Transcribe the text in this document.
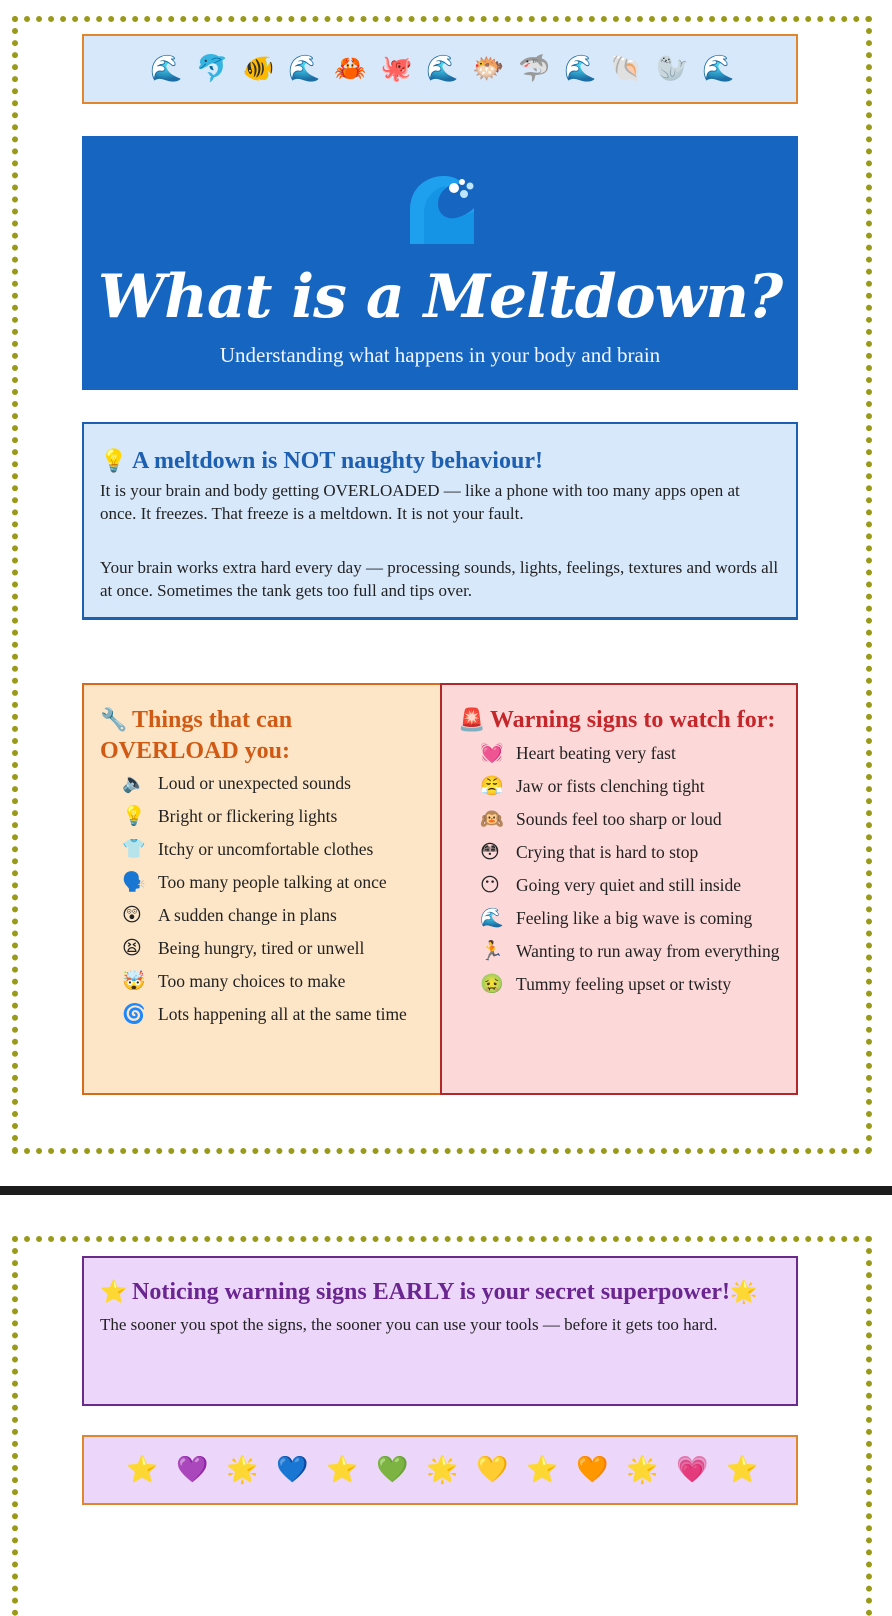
🌊 🐬 🐠 🌊 🦀 🐙 🌊 🐡 🦈 🌊 🐚 🦭 🌊
What is a Meltdown?
Understanding what happens in your body and brain
💡 A meltdown is NOT naughty behaviour!

It is your brain and body getting OVERLOADED — like a phone with too many apps open at once. It freezes. That freeze is a meltdown. It is not your fault.

Your brain works extra hard every day — processing sounds, lights, feelings, textures and words all at once. Sometimes the tank gets too full and tips over.

🔧 Things that can OVERLOAD you:
🔈 Loud or unexpected sounds
💡 Bright or flickering lights
👕 Itchy or uncomfortable clothes
🗣️ Too many people talking at once
😲 A sudden change in plans
😫 Being hungry, tired or unwell
🤯 Too many choices to make
🌀 Lots happening all at the same time
🚨 Warning signs to watch for:
💓 Heart beating very fast
😤 Jaw or fists clenching tight
🙉 Sounds feel too sharp or loud
😳 Crying that is hard to stop
😶 Going very quiet and still inside
🌊 Feeling like a big wave is coming
🏃 Wanting to run away from everything
🤢 Tummy feeling upset or twisty
⭐ Noticing warning signs EARLY is your secret superpower!🌟

The sooner you spot the signs, the sooner you can use your tools — before it gets too hard.

⭐ 💜 🌟 💙 ⭐ 💚 🌟 💛 ⭐ 🧡 🌟 💗 ⭐
